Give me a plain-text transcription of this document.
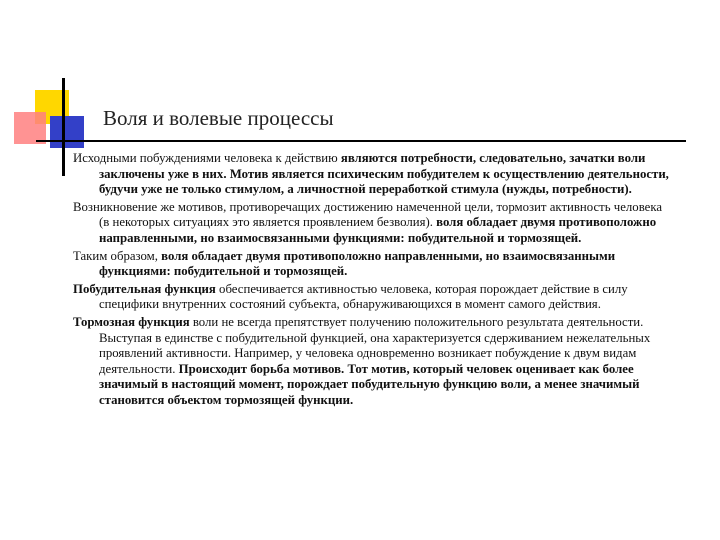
Воля и волевые процессы

Исходными побуждениями человека к действию являются потребности, следовательно, зачатки воли заключены уже в них. Мотив является психическим побудителем к осуществлению деятельности, будучи уже не только стимулом, а личностной переработкой стимула (нужды, потребности).

Возникновение же мотивов, противоречащих достижению намеченной цели, тормозит активность человека (в некоторых ситуациях это является проявлением безволия). воля обладает двумя противоположно направленными, но взаимосвязанными функциями: побудительной и тормозящей.

Таким образом, воля обладает двумя противоположно направленными, но взаимосвязанными функциями: побудительной и тормозящей.

Побудительная функция обеспечивается активностью человека, которая порождает действие в силу специфики внутренних состояний субъекта, обнаруживающихся в момент самого действия.

Тормозная функция воли не всегда препятствует получению положительного результата деятельности. Выступая в единстве с побудительной функцией, она характеризуется сдерживанием нежелательных проявлений активности. Например, у человека одновременно возникает побуждение к двум видам деятельности. Происходит борьба мотивов. Тот мотив, который человек оценивает как более значимый в настоящий момент, порождает побудительную функцию воли, а менее значимый становится объектом тормозящей функции.
